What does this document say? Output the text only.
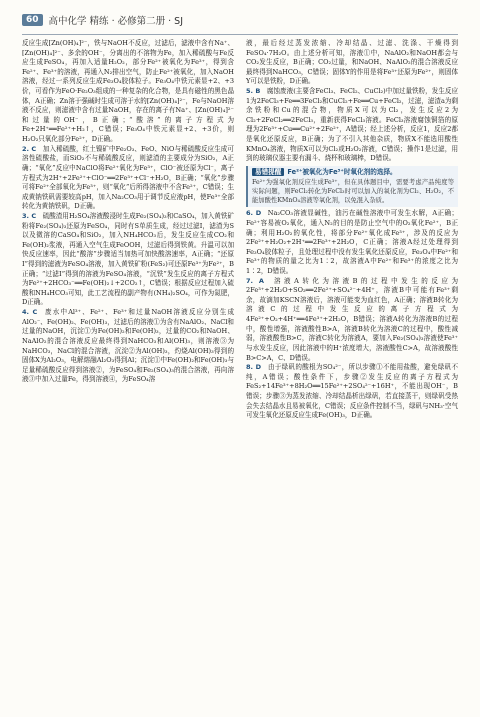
60	高中化学 精练 · 必修第二册 · SJ

反应生成[Zn(OH)₄]²⁻，铁与NaOH不反应，过滤后，滤液中含有Na⁺、[Zn(OH)₄]²⁻、多余的OH⁻，分离出的不溶物为Fe，加入稀硫酸与Fe反应生成FeSO₄，再加入适量H₂O₂，部分Fe²⁺被氧化为Fe³⁺，得到含Fe²⁺、Fe³⁺的溶液，再通入N₂排出空气，防止Fe²⁺被氧化，加入NaOH溶液，经过一系列反应生成Fe₃O₄胶体粒子。Fe₃O₄中铁元素显+2、+3价，可看作为FeO·Fe₂O₃组成的一种复杂的化合物，是具有磁性的黑色晶体，A正确；Zn溶于强碱时生成可溶于水的[Zn(OH)₄]²⁻，Fe与NaOH溶液不反应，则滤液中含有过量NaOH，存在的离子有Na⁺、[Zn(OH)₄]²⁻和过量的OH⁻，B正确；“酸溶”的离子方程式为Fe+2H⁺══Fe²⁺+H₂↑，C错误；Fe₃O₄中铁元素显+2、+3价，则H₂O₂只氧化部分Fe²⁺，D正确。

2. C  加入稀硫酸，红土镍矿中Fe₂O₃、FeO、NiO与稀硫酸反应生成可溶性硫酸盐，而SiO₂不与稀硫酸反应，则滤渣的主要成分为SiO₂，A正确；“氧化”反应中NaClO将Fe²⁺氧化为Fe³⁺，ClO⁻被还原为Cl⁻，离子方程式为2H⁺+2Fe²⁺+ClO⁻══2Fe³⁺+Cl⁻+H₂O，B正确；“氧化”步骤可将Fe²⁺全部氧化为Fe³⁺，则“氧化”后所得溶液中不含Fe²⁺，C错误；生成黄钠铁矾需要较高pH，加入Na₂CO₃用于调节反应液pH，使Fe³⁺全部转化为黄钠铁矾，D正确。

3. C  硫酸渣用H₂SO₄溶液酸浸时生成Fe₂(SO₄)₃和CaSO₄，加入黄铁矿粉将Fe₂(SO₄)₃还原为FeSO₄，同时有S单质生成，经过过滤Ⅰ，滤渣为S以及微溶的CaSO₄和SiO₂，加入NH₄HCO₃后，发生反应生成CO₂和Fe(OH)₂浆液，再通入空气生成FeOOH，过滤后得到铁黄。升温可以加快反应速率，因此“酸溶”步骤适当加热可加快酸溶速率，A正确；“还原Ⅰ”得到的滤液为FeSO₄溶液，加入黄铁矿粉(FeS₂)可还原Fe³⁺为Fe²⁺，B正确；“过滤Ⅰ”得到的溶液为FeSO₄溶液，“沉铁”发生反应的离子方程式为Fe²⁺+2HCO₃⁻══Fe(OH)₂↓+2CO₂↑，C错误；根据反应过程加入硫酸和NH₄HCO₃可知，此工艺流程的副产物有(NH₄)₂SO₄，可作为氮肥，D正确。

4. C  废水中Al³⁺、Fe²⁺、Fe³⁺和过量NaOH溶液反应分别生成AlO₂⁻、Fe(OH)₂、Fe(OH)₃，过滤后的溶液①为含有NaAlO₂、NaCl和过量的NaOH，沉淀①为Fe(OH)₂和Fe(OH)₃，过量的CO₂和NaOH、NaAlO₂的混合溶液反应最终得到NaHCO₃和Al(OH)₃，则溶液③为NaHCO₃，NaCl的混合溶液，沉淀②为Al(OH)₃，灼烧Al(OH)₃得到的固体X为Al₂O₃，电解熔融Al₂O₃得到Al；沉淀①中Fe(OH)₂和Fe(OH)₃与足量稀硫酸反应得到溶液②，为FeSO₄和Fe₂(SO₄)₃的混合溶液，再向溶液③中加入过量Fe，得到溶液④，为FeSO₄溶

液，最后经过蒸发浓缩、冷却结晶、过滤、洗涤、干燥得到FeSO₄·7H₂O。由上述分析可知，溶液①中，NaAlO₂和NaOH都会与CO₂发生反应，B正确；CO₂过量，和NaOH、NaAlO₂的混合溶液反应最终得到NaHCO₃，C错误；固体Y的作用是将Fe³⁺还原为Fe²⁺，则固体Y可以是铁粉，D正确。

5. B  腐蚀废液(主要含FeCl₃、FeCl₂、CuCl₂)中加过量铁粉，发生反应1为2FeCl₃+Fe══3FeCl₂和CuCl₂+Fe══Cu+FeCl₂，过滤，滤渣a为剩余铁粉和Cu的混合物，物质X可以为Cl₂，发生反应2为Cl₂+2FeCl₂══2FeCl₃，重新获得FeCl₃溶液。FeCl₃溶液腐蚀铜箔的原理为2Fe³⁺+Cu══Cu²⁺+2Fe²⁺，A错误；经上述分析，反应1，反应2都是氧化还原反应，B正确；为了不引入其他杂质，物质X不能选用酸性KMnO₄溶液，物质X可以为Cl₂或H₂O₂溶液，C错误；操作1是过滤，用到的玻璃仪器主要有漏斗、烧杯和玻璃棒，D错误。

易错提醒 Fe²⁺被氧化为Fe³⁺时氧化剂的选择。
Fe²⁺为强氧化剂反应生成Fe³⁺，但在具体题目中，需要考虑产品纯度等实际问题，则FeCl₂转化为FeCl₃时可以加入的氧化剂为Cl₂、H₂O₂，不能加酸性KMnO₄溶液等氧化剂，以免混入杂质。

6. D  Na₂CO₃溶液显碱性，油污在碱性溶液中可发生水解，A正确；Fe²⁺容易被O₂氧化，通入N₂的目的是防止空气中的O₂氧化Fe²⁺，B正确；利用H₂O₂的氧化性，将部分Fe²⁺氧化成Fe³⁺，涉及的反应为2Fe²⁺+H₂O₂+2H⁺══2Fe³⁺+2H₂O，C正确；溶液A经过处理得到Fe₃O₄胶体粒子，且处理过程中没有发生氧化还原反应，Fe₃O₄中Fe²⁺和Fe³⁺的物质的量之比为1∶2，故溶液A中Fe²⁺和Fe³⁺的浓度之比为1∶2，D错误。

7. A  溶液A转化为溶液B的过程中发生的反应为2Fe³⁺+2H₂O+SO₂══2Fe²⁺+SO₄²⁻+4H⁺，溶液B中可能有Fe³⁺剩余，故滴加KSCN溶液后，溶液可能变为血红色，A正确；溶液B转化为溶液C的过程中发生反应的离子方程式为4Fe²⁺+O₂+4H⁺══4Fe³⁺+2H₂O，B错误；溶液A转化为溶液B的过程中，酸性增强，溶液酸性B>A，溶液B转化为溶液C的过程中，酸性减弱，溶液酸性B>C，溶液C转化为溶液A，要加入Fe₂(SO₄)₃溶液使Fe³⁺与水发生反应，因此溶液中的H⁺浓度增大，溶液酸性C>A，故溶液酸性B>C>A，C、D错误。

8. D  由于绿矾的酸根为SO₄²⁻，所以步骤①不能用盐酸，避免绿矾不纯，A错误；酸性条件下，步骤②发生反应的离子方程式为FeS₂+14Fe³⁺+8H₂O══15Fe²⁺+2SO₄²⁻+16H⁺，不能出现OH⁻，B错误；步骤③为蒸发浓缩、冷却结晶析出绿矾，若直接蒸干，则绿矾受热会失去结晶水且易被氧化，C错误；反应条件控制不当，绿矾与NH₃·空气可发生氧化还原反应生成Fe(OH)₃，D正确。
